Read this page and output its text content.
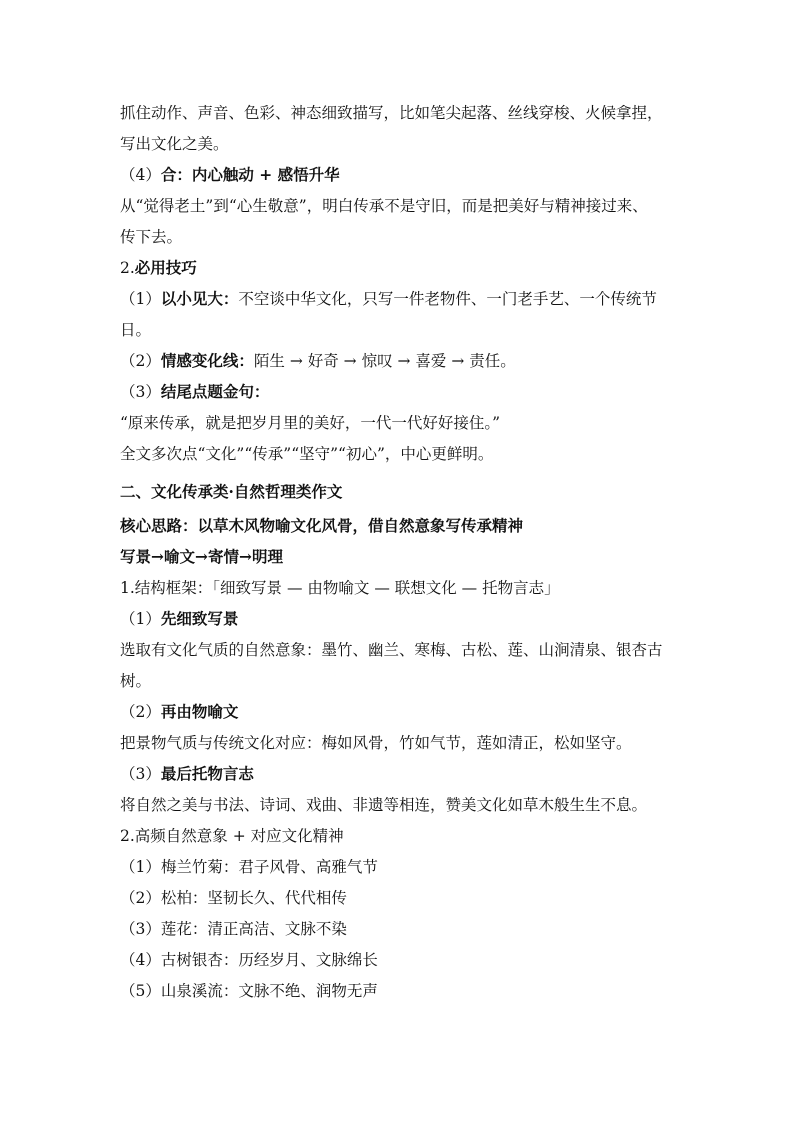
抓住动作、声音、色彩、神态细致描写，比如笔尖起落、丝线穿梭、火候拿捏，
写出文化之美。
（4）合：内心触动 + 感悟升华
从“觉得老土”到“心生敬意”，明白传承不是守旧，而是把美好与精神接过来、
传下去。
2.必用技巧
（1）以小见大：不空谈中华文化，只写一件老物件、一门老手艺、一个传统节
日。
（2）情感变化线：陌生 → 好奇 → 惊叹 → 喜爱 → 责任。
（3）结尾点题金句：
“原来传承，就是把岁月里的美好，一代一代好好接住。”
全文多次点“文化”“传承”“坚守”“初心”，中心更鲜明。
二、文化传承类·自然哲理类作文
核心思路：以草木风物喻文化风骨，借自然意象写传承精神
写景→喻文→寄情→明理
1.结构框架：「细致写景 — 由物喻文 — 联想文化 — 托物言志」
（1）先细致写景
选取有文化气质的自然意象：墨竹、幽兰、寒梅、古松、莲、山涧清泉、银杏古
树。
（2）再由物喻文
把景物气质与传统文化对应：梅如风骨，竹如气节，莲如清正，松如坚守。
（3）最后托物言志
将自然之美与书法、诗词、戏曲、非遗等相连，赞美文化如草木般生生不息。
2.高频自然意象 + 对应文化精神
（1）梅兰竹菊：君子风骨、高雅气节
（2）松柏：坚韧长久、代代相传
（3）莲花：清正高洁、文脉不染
（4）古树银杏：历经岁月、文脉绵长
（5）山泉溪流：文脉不绝、润物无声
